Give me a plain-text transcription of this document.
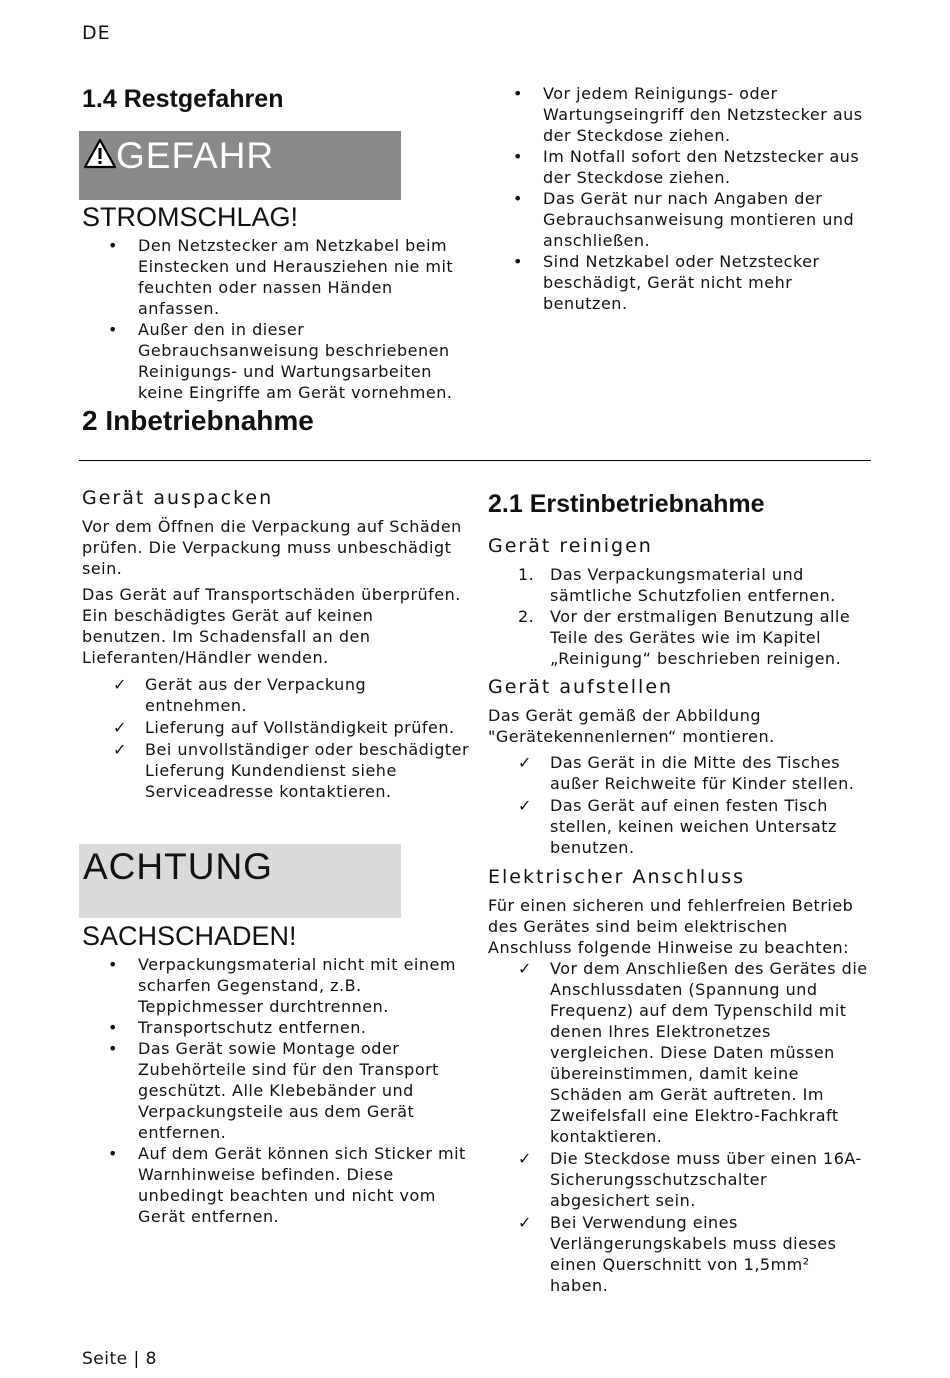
DE
1.4 Restgefahren
GEFAHR
STROMSCHLAG!
• Den Netzstecker am Netzkabel beim Einstecken und Herausziehen nie mit feuchten oder nassen Händen anfassen.
• Außer den in dieser Gebrauchsanweisung beschriebenen Reinigungs- und Wartungsarbeiten keine Eingriffe am Gerät vornehmen.
• Vor jedem Reinigungs- oder Wartungseingriff den Netzstecker aus der Steckdose ziehen.
• Im Notfall sofort den Netzstecker aus der Steckdose ziehen.
• Das Gerät nur nach Angaben der Gebrauchsanweisung montieren und anschließen.
• Sind Netzkabel oder Netzstecker beschädigt, Gerät nicht mehr benutzen.
2 Inbetriebnahme
Gerät auspacken

Vor dem Öffnen die Verpackung auf Schäden prüfen. Die Verpackung muss unbeschädigt sein.

Das Gerät auf Transportschäden überprüfen. Ein beschädigtes Gerät auf keinen benutzen. Im Schadensfall an den Lieferanten/Händler wenden.

✓ Gerät aus der Verpackung entnehmen.
✓ Lieferung auf Vollständigkeit prüfen.
✓ Bei unvollständiger oder beschädigter Lieferung Kundendienst siehe Serviceadresse kontaktieren.
ACHTUNG
SACHSCHADEN!
• Verpackungsmaterial nicht mit einem scharfen Gegenstand, z.B. Teppichmesser durchtrennen.
• Transportschutz entfernen.
• Das Gerät sowie Montage oder Zubehörteile sind für den Transport geschützt. Alle Klebebänder und Verpackungsteile aus dem Gerät entfernen.
• Auf dem Gerät können sich Sticker mit Warnhinweise befinden. Diese unbedingt beachten und nicht vom Gerät entfernen.
2.1 Erstinbetriebnahme
Gerät reinigen
1. Das Verpackungsmaterial und sämtliche Schutzfolien entfernen.
2. Vor der erstmaligen Benutzung alle Teile des Gerätes wie im Kapitel „Reinigung“ beschrieben reinigen.
Gerät aufstellen

Das Gerät gemäß der Abbildung "Gerätekennenlernen“ montieren.

✓ Das Gerät in die Mitte des Tisches außer Reichweite für Kinder stellen.
✓ Das Gerät auf einen festen Tisch stellen, keinen weichen Untersatz benutzen.
Elektrischer Anschluss

Für einen sicheren und fehlerfreien Betrieb des Gerätes sind beim elektrischen Anschluss folgende Hinweise zu beachten:

✓ Vor dem Anschließen des Gerätes die Anschlussdaten (Spannung und Frequenz) auf dem Typenschild mit denen Ihres Elektronetzes vergleichen. Diese Daten müssen übereinstimmen, damit keine Schäden am Gerät auftreten. Im Zweifelsfall eine Elektro-Fachkraft kontaktieren.
✓ Die Steckdose muss über einen 16A-Sicherungsschutzschalter abgesichert sein.
✓ Bei Verwendung eines Verlängerungskabels muss dieses einen Querschnitt von 1,5mm² haben.
Seite | 8
